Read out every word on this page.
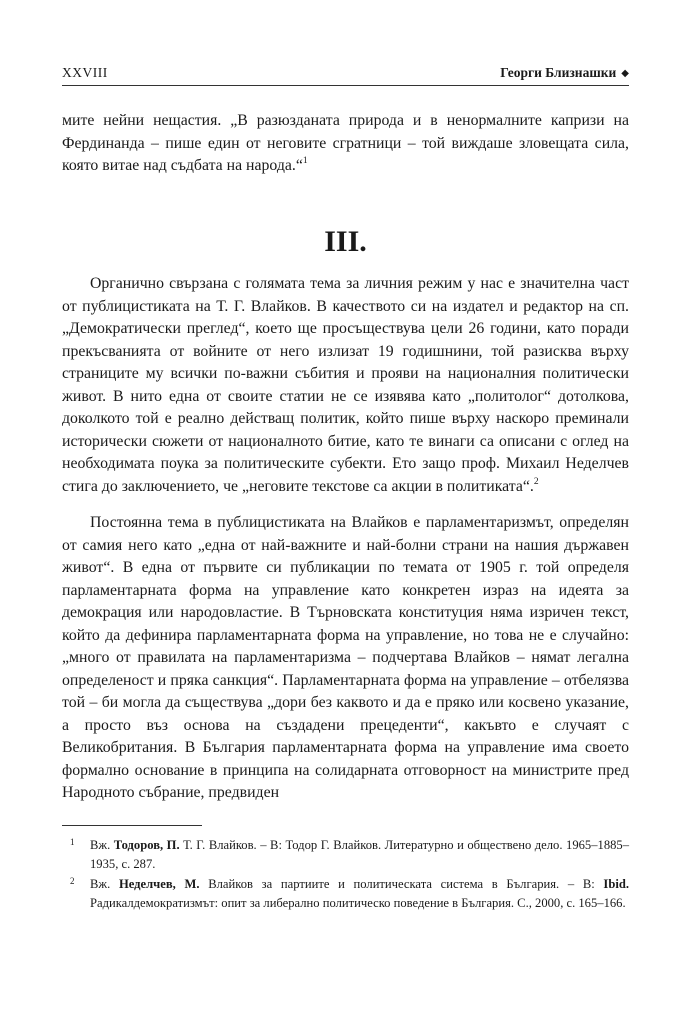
XXVIII	Георги Близнашки ◆

мите нейни нещастия. „В разюзданата природа и в ненормалните капризи на Фердинанда – пише един от неговите сгратници – той виждаше зловещата сила, която витае над съдбата на народа.“$^1$

III.

Органично свързана с голямата тема за личния режим у нас е значителна част от публицистиката на Т. Г. Влайков. В качеството си на издател и редактор на сп. „Демократически преглед“, което ще просъществува цели 26 години, като поради прекъсванията от войните от него излизат 19 годишнини, той разисква върху страниците му всички по-важни събития и прояви на националния политически живот. В нито една от своите статии не се изявява като „политолог“ дотолкова, доколкото той е реално действащ политик, който пише върху наскоро преминали исторически сюжети от националното битие, като те винаги са описани с оглед на необходимата поука за политическите субекти. Ето защо проф. Михаил Неделчев стига до заключението, че „неговите текстове са акции в политиката“.$^2$

Постоянна тема в публицистиката на Влайков е парламентаризмът, определян от самия него като „една от най-важните и най-болни страни на нашия държавен живот“. В една от първите си публикации по темата от 1905 г. той определя парламентарната форма на управление като конкретен израз на идеята за демокрация или народовластие. В Търновската конституция няма изричен текст, който да дефинира парламентарната форма на управление, но това не е случайно: „много от правилата на парламентаризма – подчертава Влайков – нямат легална определеност и пряка санкция“. Парламентарната форма на управление – отбелязва той – би могла да съществува „дори без каквото и да е пряко или косвено указание, а просто въз основа на създадени прецеденти“, какъвто е случаят с Великобритания. В България парламентарната форма на управление има своето формално основание в принципа на солидарната отговорност на министрите пред Народното събрание, предвиден

1 Вж. Тодоров, П. Т. Г. Влайков. – В: Тодор Г. Влайков. Литературно и обществено дело. 1965–1885–1935, с. 287.

2 Вж. Неделчев, М. Влайков за партиите и политическата система в България. – В: Ibid. Радикалдемократизмът: опит за либерално политическо поведение в България. С., 2000, с. 165–166.
